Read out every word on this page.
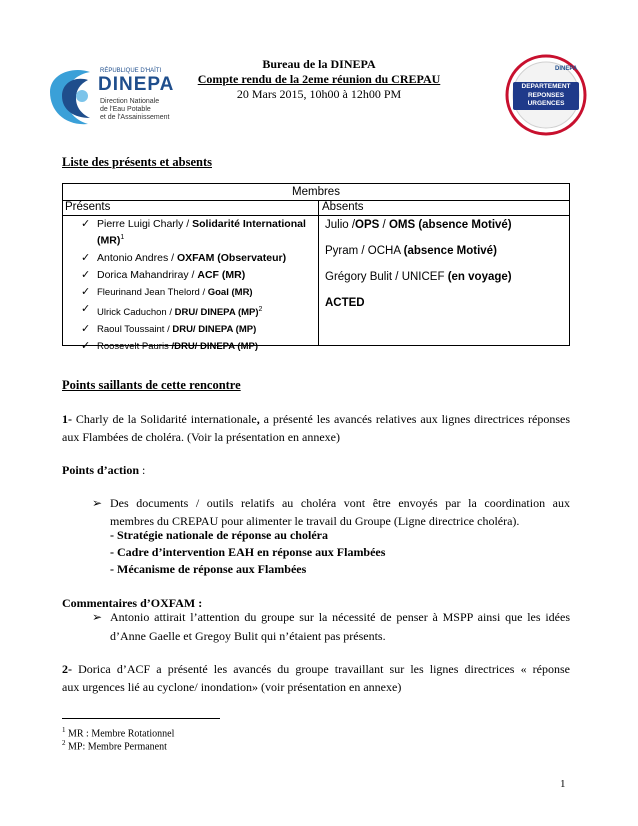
RÉPUBLIQUE D'HAÏTI
DINEPA
Direction Nationale
de l'Eau Potable
et de l'Assainissement
DINEPA
DEPARTEMENT
REPONSES
URGENCES
Bureau de la DINEPA
Compte rendu de la 2eme réunion du CREPAU
20 Mars 2015, 10h00 à 12h00 PM
Liste des présents et absents
Membres
Présents	Absents
✓ Pierre Luigi Charly / Solidarité International (MR)$^1$
✓ Antonio Andres / OXFAM (Observateur)
✓ Dorica Mahandriray / ACF (MR)
✓ Fleurinand Jean Thelord / Goal (MR)
✓ Ulrick Caduchon / DRU/ DINEPA (MP)$^2$
✓ Raoul Toussaint / DRU/ DINEPA (MP)
✓ Roosevelt Pauris /DRU/ DINEPA (MP)
Julio /OPS / OMS (absence Motivé)
Pyram / OCHA (absence Motivé)
Grégory Bulit / UNICEF (en voyage)
ACTED
Points saillants de cette rencontre
1- Charly de la Solidarité internationale, a présenté les avancés relatives aux lignes directrices réponses aux Flambées de choléra. (Voir la présentation en annexe)
Points d’action :
➢ Des documents / outils relatifs au choléra vont être envoyés par la coordination aux
membres du CREPAU pour alimenter le travail du Groupe (Ligne directrice choléra).
- Stratégie nationale de réponse au choléra
- Cadre d’intervention EAH en réponse aux Flambées
- Mécanisme de réponse aux Flambées
Commentaires d’OXFAM :
➢ Antonio attirait l’attention du groupe sur la nécessité de penser à MSPP ainsi que les idées
d’Anne Gaelle et Gregoy Bulit qui n’étaient pas présents.
2- Dorica d’ACF a présenté les avancés du groupe travaillant sur les lignes directrices « réponse
aux urgences lié au cyclone/ inondation» (voir présentation en annexe)
$^1$ MR : Membre Rotationnel
$^2$ MP: Membre Permanent
1
